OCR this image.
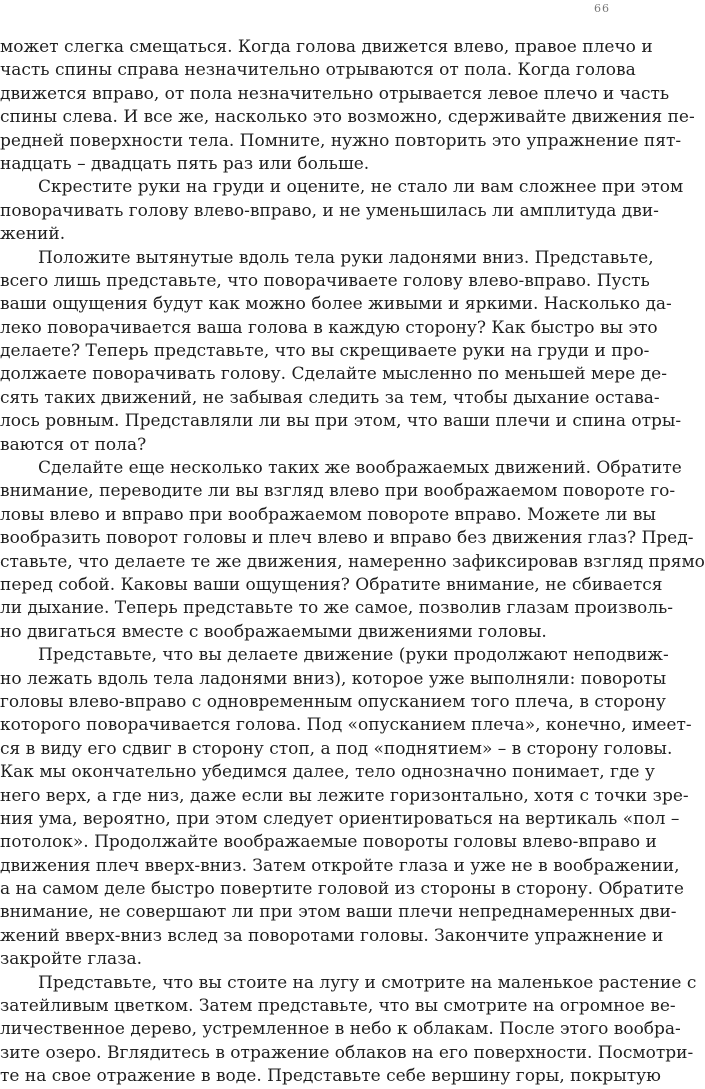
66
может слегка смещаться. Когда голова движется влево, правое плечо и
часть спины справа незначительно отрываются от пола. Когда голова
движется вправо, от пола незначительно отрывается левое плечо и часть
спины слева. И все же, насколько это возможно, сдерживайте движения пе-
редней поверхности тела. Помните, нужно повторить это упражнение пят-
надцать – двадцать пять раз или больше.
Скрестите руки на груди и оцените, не стало ли вам сложнее при этом
поворачивать голову влево-вправо, и не уменьшилась ли амплитуда дви-
жений.
Положите вытянутые вдоль тела руки ладонями вниз. Представьте,
всего лишь представьте, что поворачиваете голову влево-вправо. Пусть
ваши ощущения будут как можно более живыми и яркими. Насколько да-
леко поворачивается ваша голова в каждую сторону? Как быстро вы это
делаете? Теперь представьте, что вы скрещиваете руки на груди и про-
должаете поворачивать голову. Сделайте мысленно по меньшей мере де-
сять таких движений, не забывая следить за тем, чтобы дыхание остава-
лось ровным. Представляли ли вы при этом, что ваши плечи и спина отры-
ваются от пола?
Сделайте еще несколько таких же воображаемых движений. Обратите
внимание, переводите ли вы взгляд влево при воображаемом повороте го-
ловы влево и вправо при воображаемом повороте вправо. Можете ли вы
вообразить поворот головы и плеч влево и вправо без движения глаз? Пред-
ставьте, что делаете те же движения, намеренно зафиксировав взгляд прямо
перед собой. Каковы ваши ощущения? Обратите внимание, не сбивается
ли дыхание. Теперь представьте то же самое, позволив глазам произволь-
но двигаться вместе с воображаемыми движениями головы.
Представьте, что вы делаете движение (руки продолжают неподвиж-
но лежать вдоль тела ладонями вниз), которое уже выполняли: повороты
головы влево-вправо с одновременным опусканием того плеча, в сторону
которого поворачивается голова. Под «опусканием плеча», конечно, имеет-
ся в виду его сдвиг в сторону стоп, а под «поднятием» – в сторону головы.
Как мы окончательно убедимся далее, тело однозначно понимает, где у
него верх, а где низ, даже если вы лежите горизонтально, хотя с точки зре-
ния ума, вероятно, при этом следует ориентироваться на вертикаль «пол –
потолок». Продолжайте воображаемые повороты головы влево-вправо и
движения плеч вверх-вниз. Затем откройте глаза и уже не в воображении,
а на самом деле быстро повертите головой из стороны в сторону. Обратите
внимание, не совершают ли при этом ваши плечи непреднамеренных дви-
жений вверх-вниз вслед за поворотами головы. Закончите упражнение и
закройте глаза.
Представьте, что вы стоите на лугу и смотрите на маленькое растение с
затейливым цветком. Затем представьте, что вы смотрите на огромное ве-
личественное дерево, устремленное в небо к облакам. После этого вообра-
зите озеро. Вглядитесь в отражение облаков на его поверхности. Посмотри-
те на свое отражение в воде. Представьте себе вершину горы, покрытую
